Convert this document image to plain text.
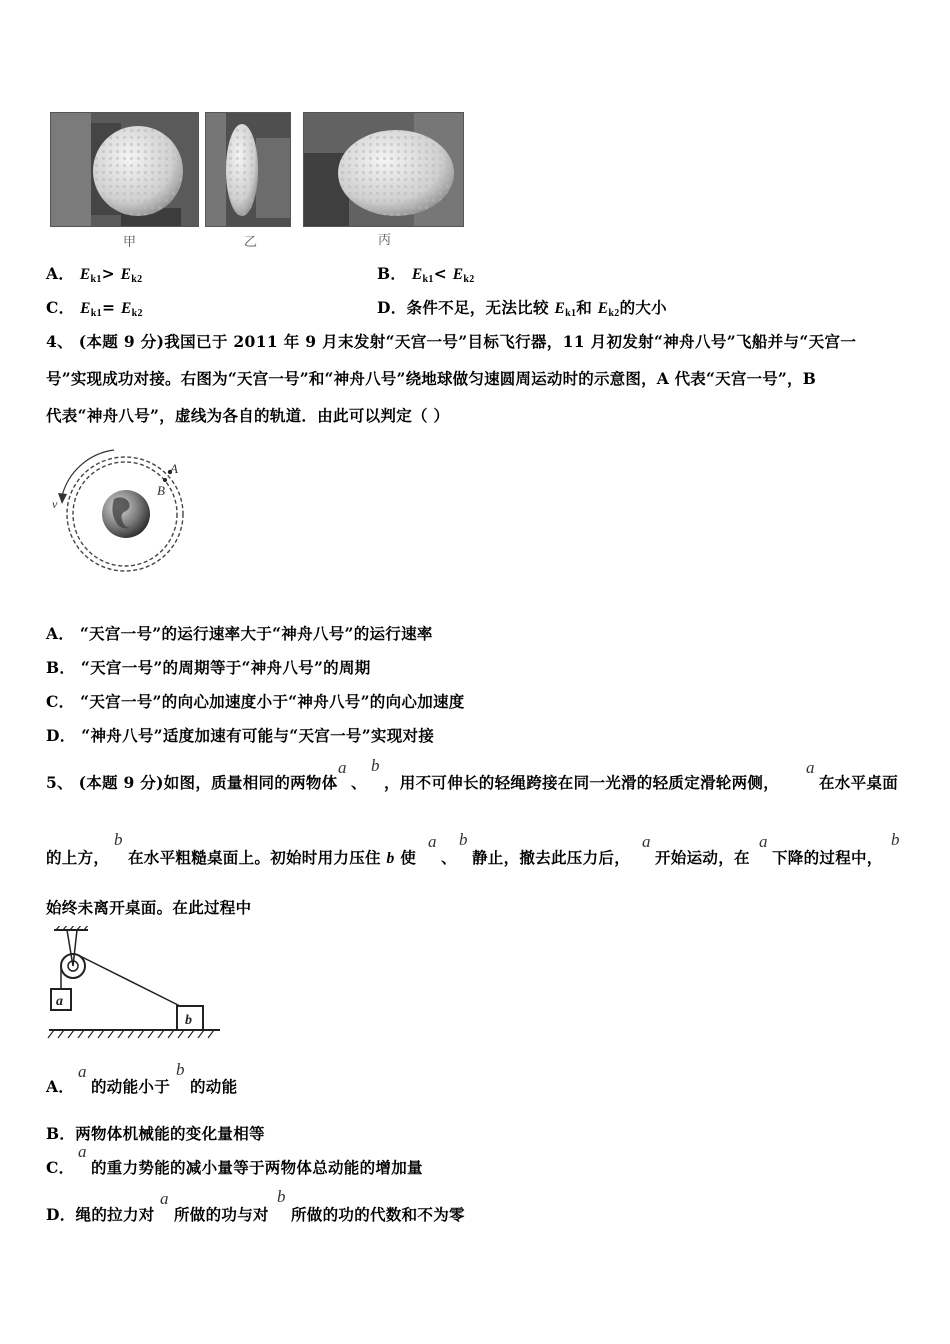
甲	乙	丙
A． $E_{k1}> E_{k2}$	B． $E_{k1}< E_{k2}$
C． $E_{k1}= E_{k2}$	D．条件不足，无法比较 $E_{k1}$和 $E_{k2}$的大小
4、 (本题 9 分)我国已于 2011 年 9 月末发射“天宫一号”目标飞行器，11 月初发射“神舟八号”飞船并与“天宫一
号”实现成功对接。右图为“天宫一号”和“神舟八号”绕地球做匀速圆周运动时的示意图，A 代表“天宫一号”，B
代表“神舟八号”，虚线为各自的轨道．由此可以判定（ ）
v
A
B
A． “天宫一号”的运行速率大于“神舟八号”的运行速率
B． “天宫一号”的周期等于“神舟八号”的周期
C． “天宫一号”的向心加速度小于“神舟八号”的向心加速度
D． “神舟八号”适度加速有可能与“天宫一号”实现对接
5、 (本题 9 分)如图，质量相同的两物体
a
、
b
，用不可伸长的轻绳跨接在同一光滑的轻质定滑轮两侧，
a
在水平桌面
的上方，
b
在水平粗糙桌面上。初始时用力压住 b 使
a
、
b
静止，撤去此压力后，
a
开始运动，在
a
下降的过程中，
b
始终未离开桌面。在此过程中
a
b
A．
a
的动能小于
b
的动能
B．两物体机械能的变化量相等
C．
a
的重力势能的减小量等于两物体总动能的增加量
D．绳的拉力对
a
所做的功与对
b
所做的功的代数和不为零
